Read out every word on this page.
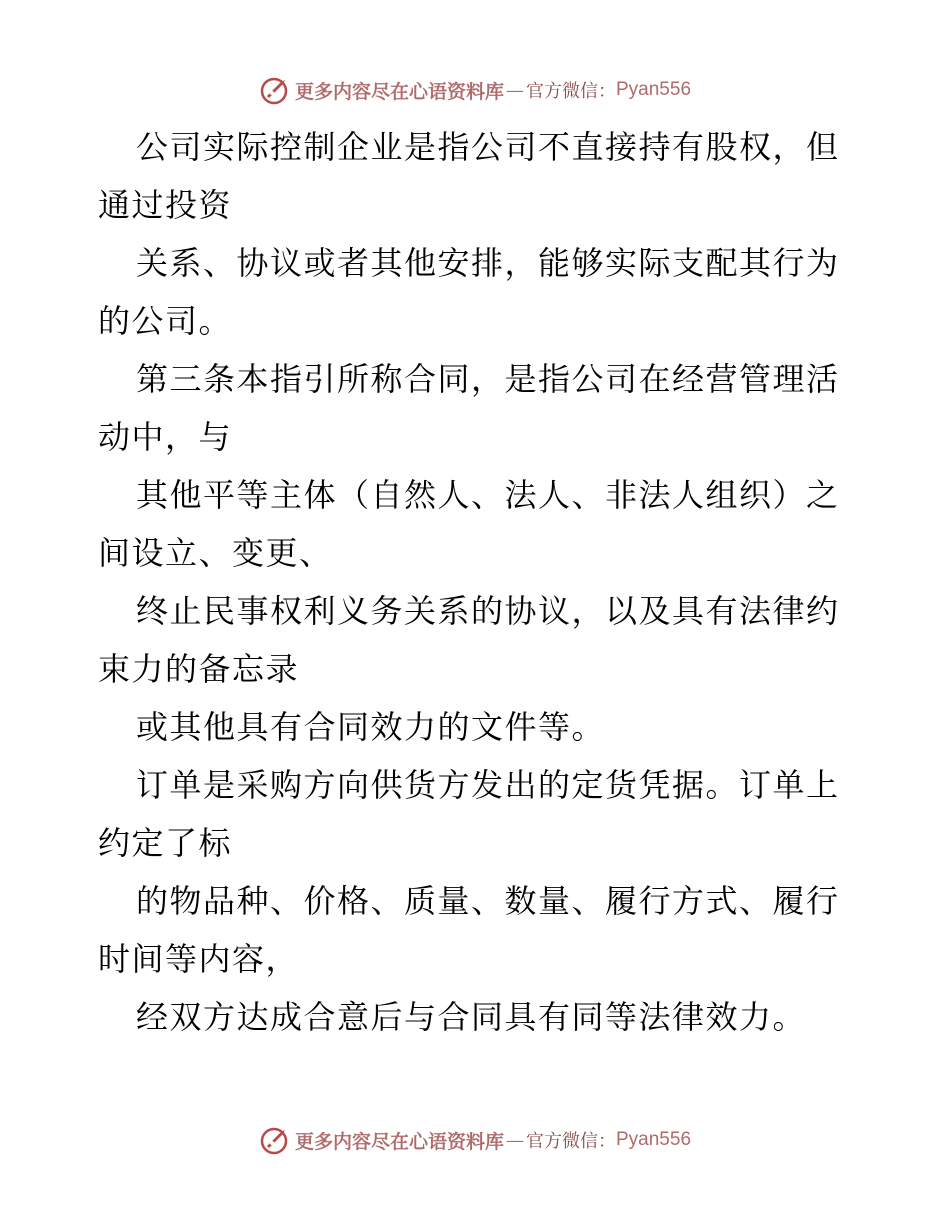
更多内容尽在心语资料库 — 官方微信： Pyan556
公司实际控制企业是指公司不直接持有股权，但
通过投资
关系、协议或者其他安排，能够实际支配其行为
的公司。
第三条本指引所称合同，是指公司在经营管理活
动中，与
其他平等主体（自然人、法人、非法人组织）之
间设立、变更、
终止民事权利义务关系的协议，以及具有法律约
束力的备忘录
或其他具有合同效力的文件等。
订单是采购方向供货方发出的定货凭据。订单上
约定了标
的物品种、价格、质量、数量、履行方式、履行
时间等内容，
经双方达成合意后与合同具有同等法律效力。
更多内容尽在心语资料库 — 官方微信： Pyan556
